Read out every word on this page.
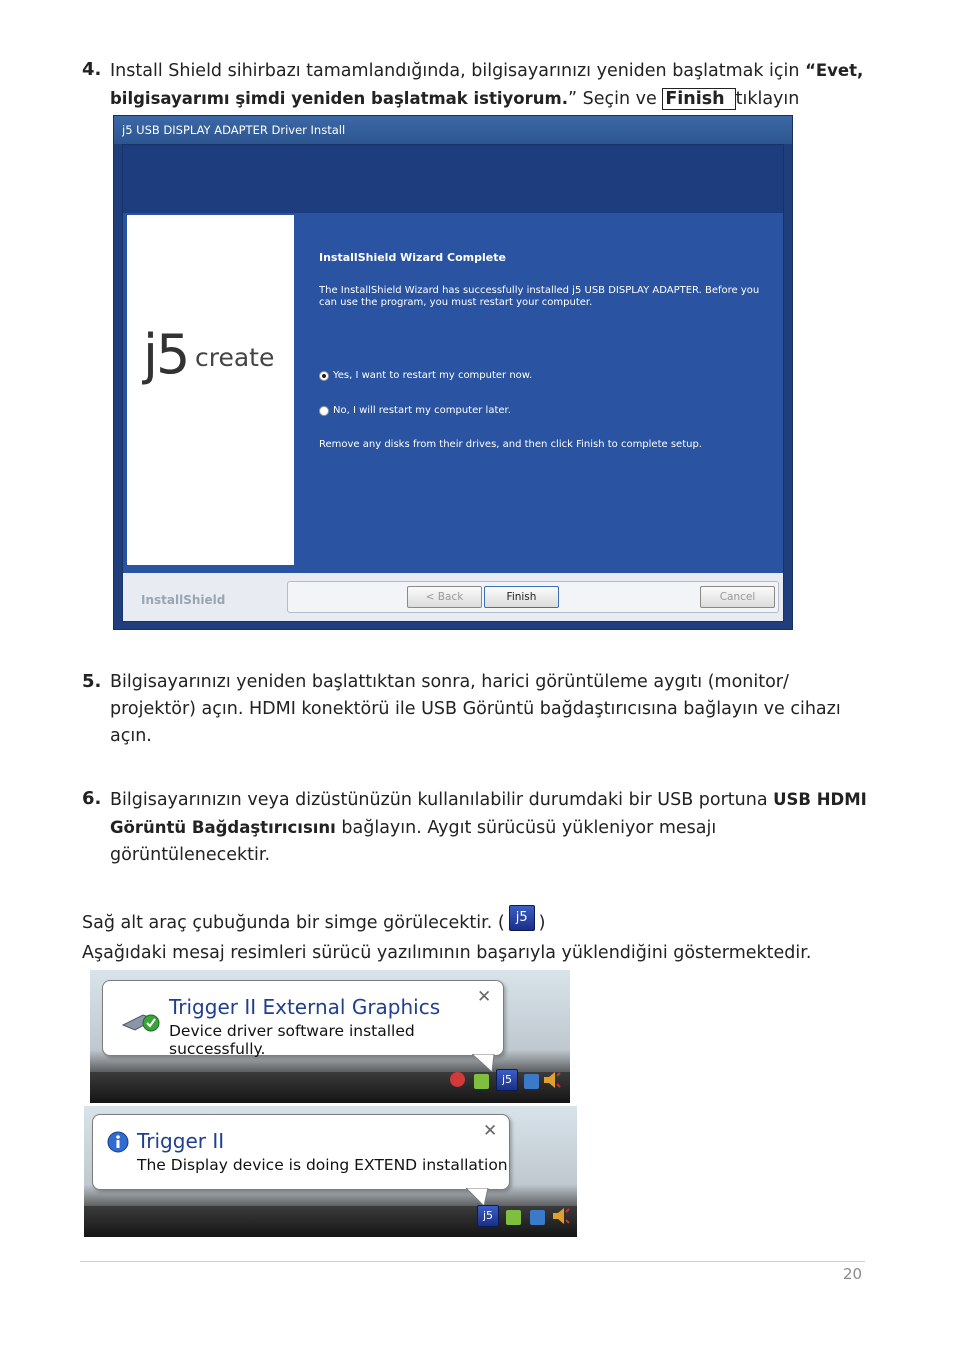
4. Install Shield sihirbazı tamamlandığında, bilgisayarınızı yeniden başlatmak için “Evet,
bilgisayarımı şimdi yeniden başlatmak istiyorum.” Seçin ve Finish tıklayın
j5 USB DISPLAY ADAPTER Driver Install
j5 create
InstallShield Wizard Complete
The InstallShield Wizard has successfully installed j5 USB DISPLAY ADAPTER. Before you can use the program, you must restart your computer.
Yes, I want to restart my computer now.
No, I will restart my computer later.
Remove any disks from their drives, and then click Finish to complete setup.
InstallShield	< Back	Finish	Cancel
5. Bilgisayarınızı yeniden başlattıktan sonra, harici görüntüleme aygıtı (monitor/
projektör) açın. HDMI konektörü ile USB Görüntü bağdaştırıcısına bağlayın ve cihazı
açın.
6. Bilgisayarınızın veya dizüstünüzün kullanılabilir durumdaki bir USB portuna USB HDMI
Görüntü Bağdaştırıcısını bağlayın. Aygıt sürücüsü yükleniyor mesajı
görüntülenecektir.
Sağ alt araç çubuğunda bir simge görülecektir. ( j5 )
Aşağıdaki mesaj resimleri sürücü yazılımının başarıyla yüklendiğini göstermektedir.
Trigger II External Graphics
Device driver software installed successfully.
✕
j5
Trigger II
The Display device is doing EXTEND installation
✕
j5
20
